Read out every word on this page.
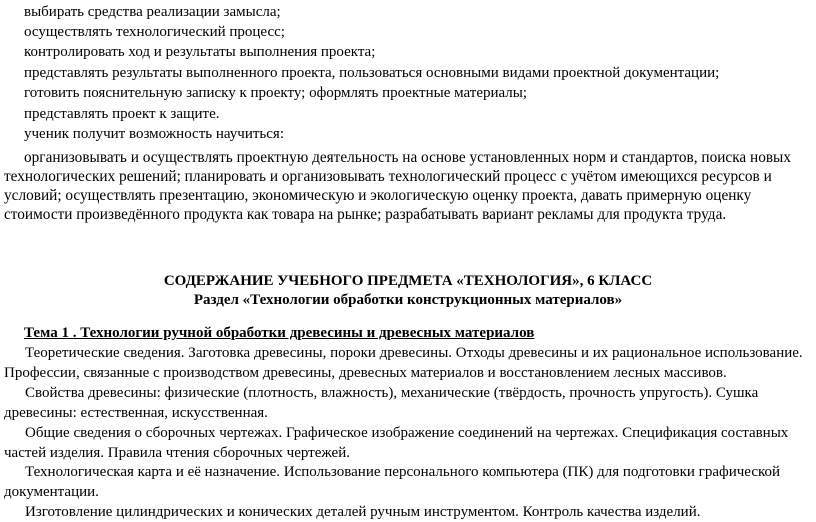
выбирать средства реализации замысла;

осуществлять технологический процесс;

контролировать ход и результаты выполнения проекта;

представлять результаты выполненного проекта, пользоваться основными видами проектной документации;

готовить пояснительную записку к проекту; оформлять проектные материалы;

представлять проект к защите.

ученик получит возможность научиться:

организовывать и осуществлять проектную деятельность на основе установленных норм и стандартов, поиска новых технологических решений; планировать и организовывать технологический процесс с учётом имеющихся ресурсов и условий; осуществлять презентацию, экономическую и экологическую оценку проекта, давать примерную оценку стоимости произведённого продукта как товара на рынке; разрабатывать вариант рекламы для продукта труда.

СОДЕРЖАНИЕ УЧЕБНОГО ПРЕДМЕТА «ТЕХНОЛОГИЯ», 6 КЛАСС

Раздел «Технологии обработки конструкционных материалов»

Тема 1 . Технологии ручной обработки древесины и древесных материалов

Теоретические сведения. Заготовка древесины, пороки древесины. Отходы древесины и их рациональное использование. Профессии, связанные с производством древесины, древесных материалов и восстановлением лесных массивов.

Свойства древесины: физические (плотность, влажность), механические (твёрдость, прочность упругость). Сушка древесины: естественная, искусственная.

Общие сведения о сборочных чертежах. Графическое изображение соединений на чертежах. Спецификация составных частей изделия. Правила чтения сборочных чертежей.

Технологическая карта и её назначение. Использование персонального компьютера (ПК) для подготовки графической документации.

Изготовление цилиндрических и конических деталей ручным инструментом. Контроль качества изделий.
